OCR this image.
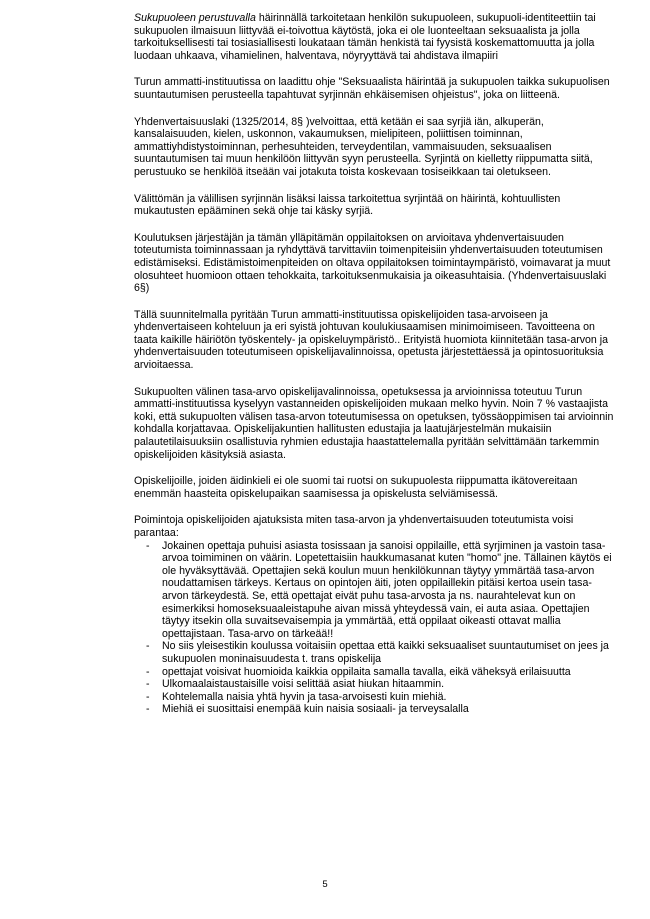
Sukupuoleen perustuvalla häirinnällä tarkoitetaan henkilön sukupuoleen, sukupuoli-identiteettiin tai sukupuolen ilmaisuun liittyvää ei-toivottua käytöstä, joka ei ole luonteeltaan seksuaalista ja jolla tarkoituksellisesti tai tosiasiallisesti loukataan tämän henkistä tai fyysistä koskemattomuutta ja jolla luodaan uhkaava, vihamielinen, halventava, nöyryyttävä tai ahdistava ilmapiiri

Turun ammatti-instituutissa on laadittu ohje "Seksuaalista häirintää ja sukupuolen taikka sukupuolisen suuntautumisen perusteella tapahtuvat syrjinnän ehkäisemisen ohjeistus", joka on liitteenä.

Yhdenvertaisuuslaki (1325/2014, 8§ )velvoittaa, että ketään ei saa syrjiä iän, alkuperän, kansalaisuuden, kielen, uskonnon, vakaumuksen, mielipiteen, poliittisen toiminnan, ammattiyhdistystoiminnan, perhesuhteiden, terveydentilan, vammaisuuden, seksuaalisen suuntautumisen tai muun henkilöön liittyvän syyn perusteella. Syrjintä on kielletty riippumatta siitä, perustuuko se henkilöä itseään vai jotakuta toista koskevaan tosiseikkaan tai oletukseen.

Välittömän ja välillisen syrjinnän lisäksi laissa tarkoitettua syrjintää on häirintä, kohtuullisten mukautusten epääminen sekä ohje tai käsky syrjiä.

Koulutuksen järjestäjän ja tämän ylläpitämän oppilaitoksen on arvioitava yhdenvertaisuuden toteutumista toiminnassaan ja ryhdyttävä tarvittaviin toimenpiteisiin yhdenvertaisuuden toteutumisen edistämiseksi. Edistämistoimenpiteiden on oltava oppilaitoksen toimintaympäristö, voimavarat ja muut olosuhteet huomioon ottaen tehokkaita, tarkoituksenmukaisia ja oikeasuhtaisia. (Yhdenvertaisuuslaki 6§)

Tällä suunnitelmalla pyritään Turun ammatti-instituutissa opiskelijoiden tasa-arvoiseen ja yhdenvertaiseen kohteluun ja eri syistä johtuvan koulukiusaamisen minimoimiseen. Tavoitteena on taata kaikille häiriötön työskentely- ja opiskeluympäristö.. Erityistä huomiota kiinnitetään tasa-arvon ja yhdenvertaisuuden toteutumiseen opiskelijavalinnoissa, opetusta järjestettäessä ja opintosuorituksia arvioitaessa.

Sukupuolten välinen tasa-arvo opiskelijavalinnoissa, opetuksessa ja arvioinnissa toteutuu Turun ammatti-instituutissa kyselyyn vastanneiden opiskelijoiden mukaan melko hyvin. Noin 7 % vastaajista koki, että sukupuolten välisen tasa-arvon toteutumisessa on opetuksen, työssäoppimisen tai arvioinnin kohdalla korjattavaa. Opiskelijakuntien hallitusten edustajia ja laatujärjestelmän mukaisiin palautetilaisuuksiin osallistuvia ryhmien edustajia haastattelemalla pyritään selvittämään tarkemmin opiskelijoiden käsityksiä asiasta.

Opiskelijoille, joiden äidinkieli ei ole suomi tai ruotsi on sukupuolesta riippumatta ikätovereitaan enemmän haasteita opiskelupaikan saamisessa ja opiskelusta selviämisessä.

Poimintoja opiskelijoiden ajatuksista miten tasa-arvon ja yhdenvertaisuuden toteutumista voisi parantaa:

- Jokainen opettaja puhuisi asiasta tosissaan ja sanoisi oppilaille, että syrjiminen ja vastoin tasa-arvoa toimiminen on väärin. Lopetettaisiin haukkumasanat kuten "homo" jne. Tällainen käytös ei ole hyväksyttävää. Opettajien sekä koulun muun henkilökunnan täytyy ymmärtää tasa-arvon noudattamisen tärkeys. Kertaus on opintojen äiti, joten oppilaillekin pitäisi kertoa usein tasa-arvon tärkeydestä. Se, että opettajat eivät puhu tasa-arvosta ja ns. naurahtelevat kun on esimerkiksi homoseksuaaleistapuhe aivan missä yhteydessä vain, ei auta asiaa. Opettajien täytyy itsekin olla suvaitsevaisempia ja ymmärtää, että oppilaat oikeasti ottavat mallia opettajistaan. Tasa-arvo on tärkeää!!
- No siis yleisestikin koulussa voitaisiin opettaa että kaikki seksuaaliset suuntautumiset on jees ja sukupuolen moninaisuudesta t. trans opiskelija
- opettajat voisivat huomioida kaikkia oppilaita samalla tavalla, eikä väheksyä erilaisuutta
- Ulkomaalaistaustaisille voisi selittää asiat hiukan hitaammin.
- Kohtelemalla naisia yhtä hyvin ja tasa-arvoisesti kuin miehiä.
- Miehiä ei suosittaisi enempää kuin naisia sosiaali- ja terveysalalla
5
